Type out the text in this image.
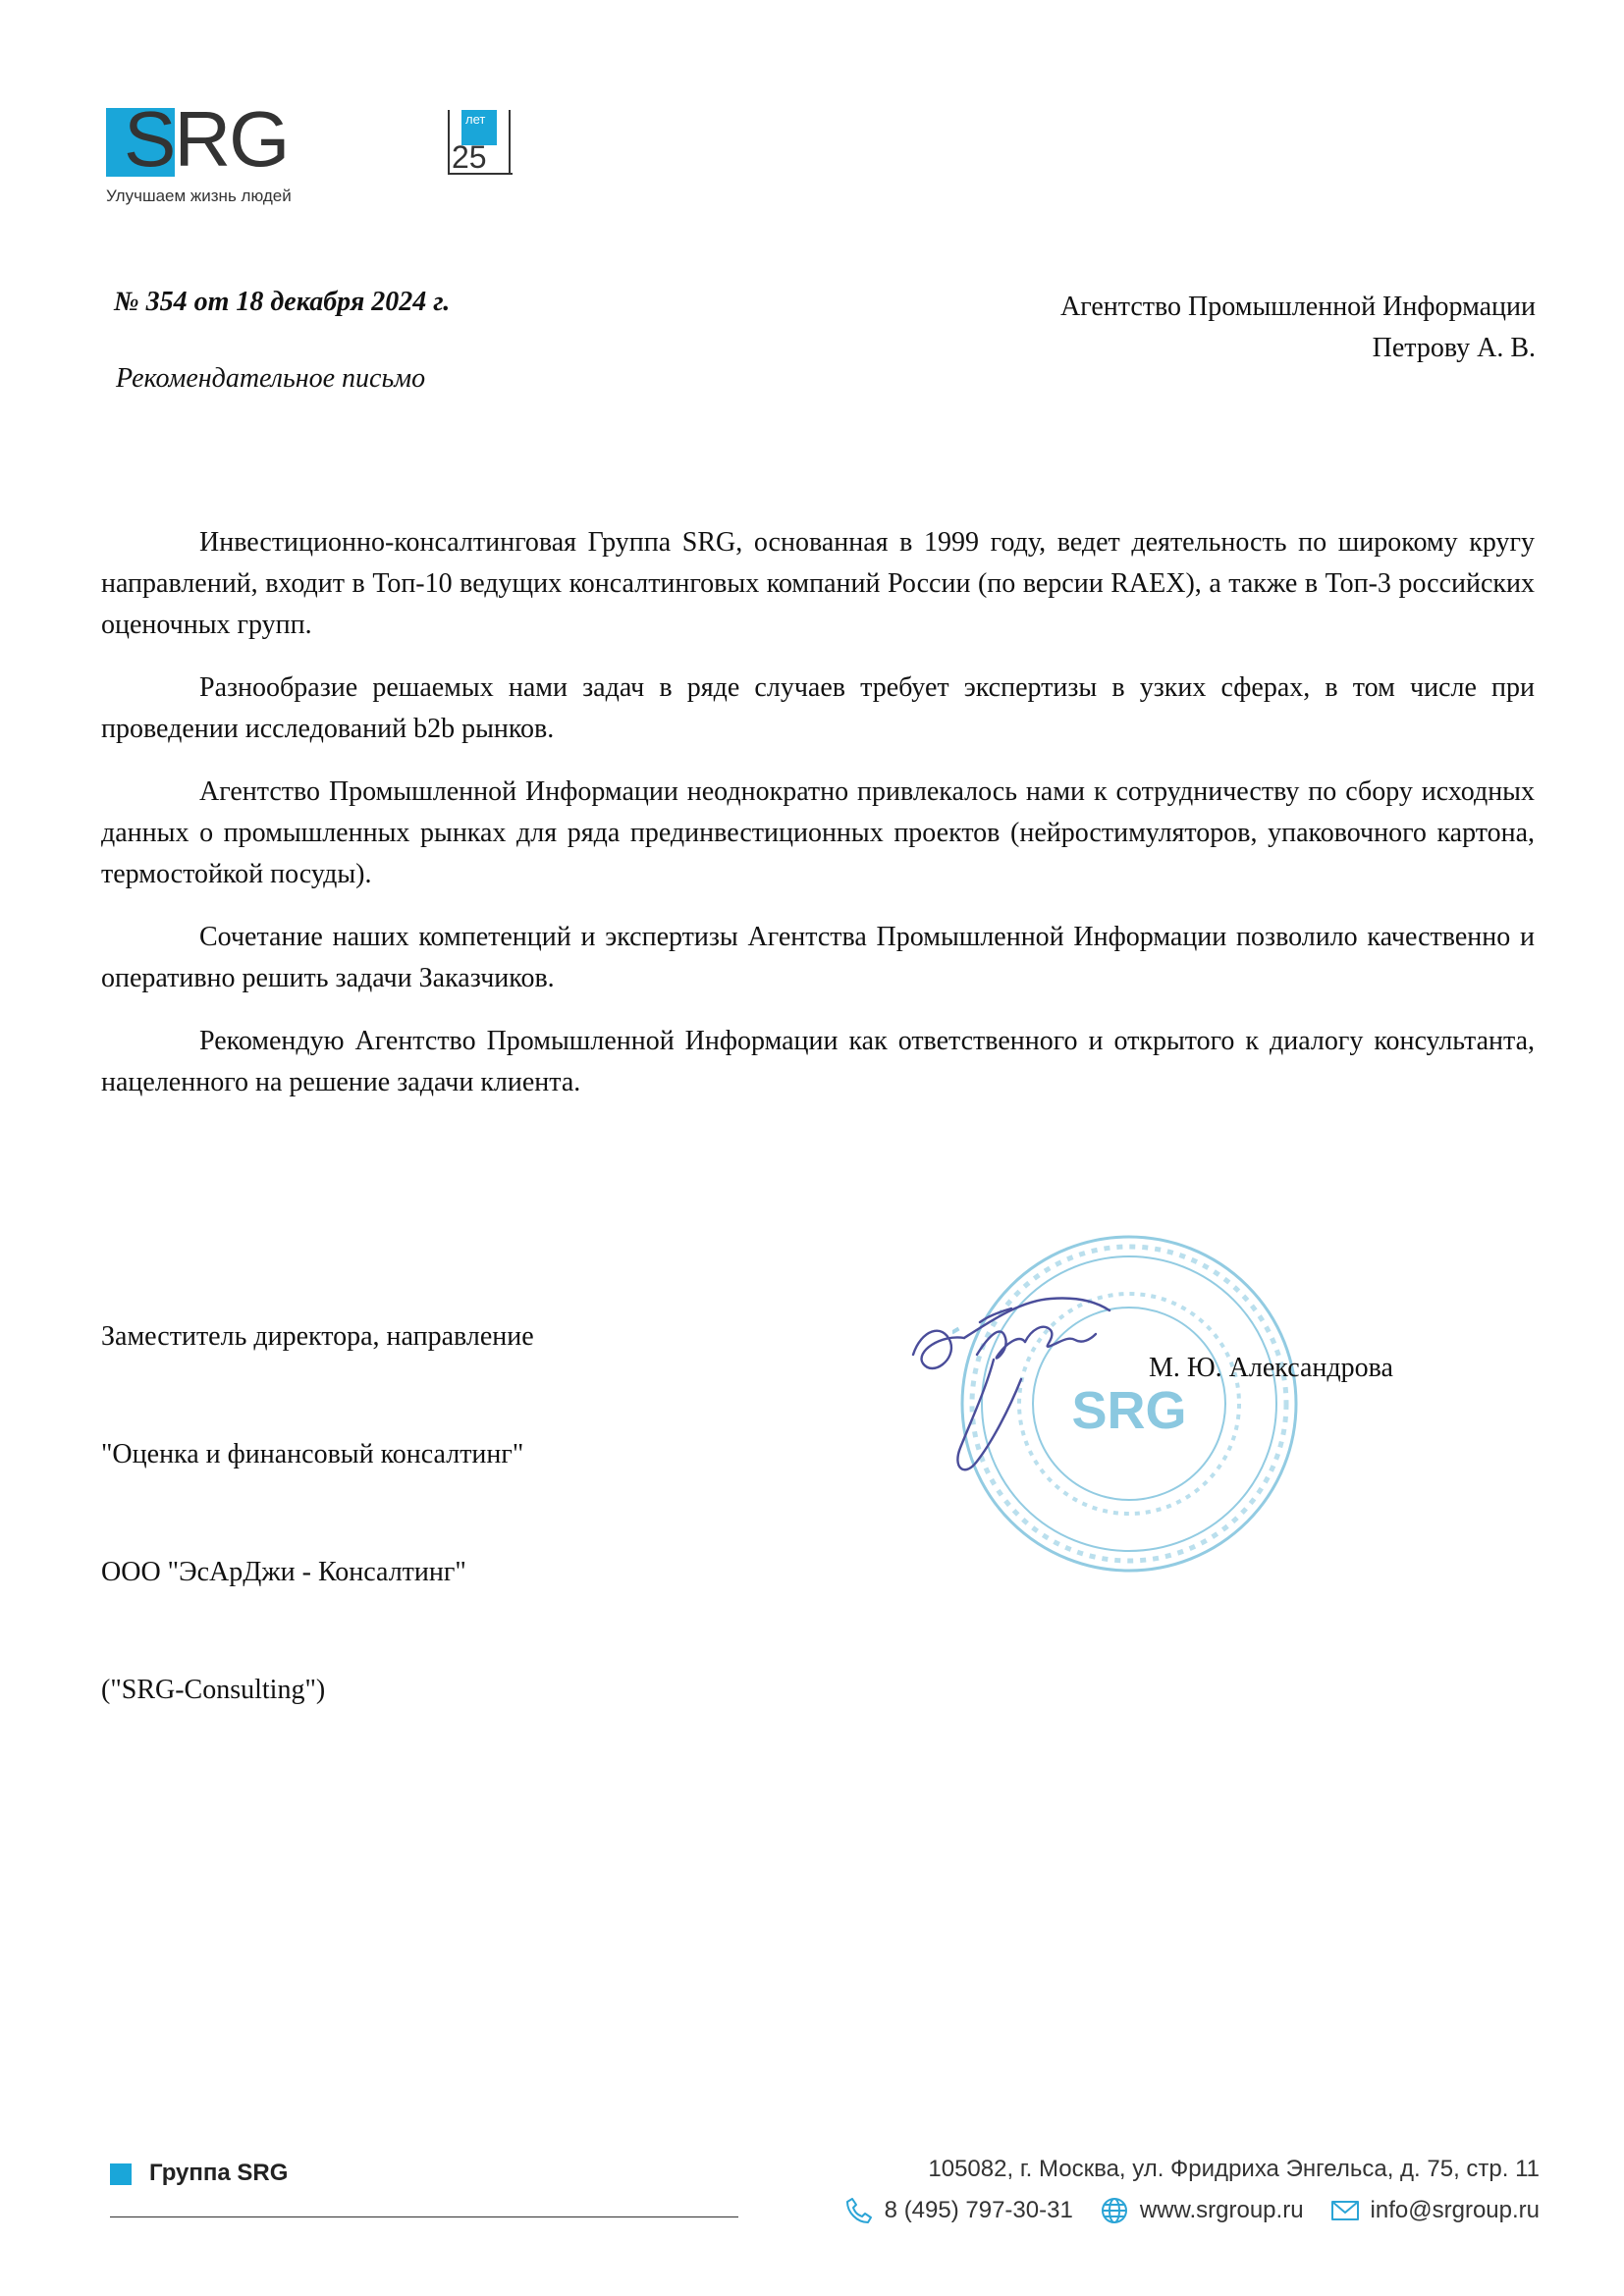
SRG	лет
25
Улучшаем жизнь людей
№ 354 от 18 декабря 2024 г.
Рекомендательное письмо
Агентство Промышленной Информации
Петрову А. В.

Инвестиционно-консалтинговая Группа SRG, основанная в 1999 году, ведет деятельность по широкому кругу направлений, входит в Топ-10 ведущих консалтинговых компаний России (по версии RAEX), а также в Топ-3 российских оценочных групп.

Разнообразие решаемых нами задач в ряде случаев требует экспертизы в узких сферах, в том числе при проведении исследований b2b рынков.

Агентство Промышленной Информации неоднократно привлекалось нами к сотрудничеству по сбору исходных данных о промышленных рынках для ряда прединвестиционных проектов (нейростимуляторов, упаковочного картона, термостойкой посуды).

Сочетание наших компетенций и экспертизы Агентства Промышленной Информации позволило качественно и оперативно решить задачи Заказчиков.

Рекомендую Агентство Промышленной Информации как ответственного и открытого к диалогу консультанта, нацеленного на решение задачи клиента.

Заместитель директора, направление

"Оценка и финансовый консалтинг"

ООО "ЭсАрДжи - Консалтинг"

("SRG-Consulting")

SRG
М. Ю. Александрова
Группа SRG	105082, г. Москва, ул. Фридриха Энгельса, д. 75, стр. 11
8 (495) 797-30-31	www.srgroup.ru	info@srgroup.ru
